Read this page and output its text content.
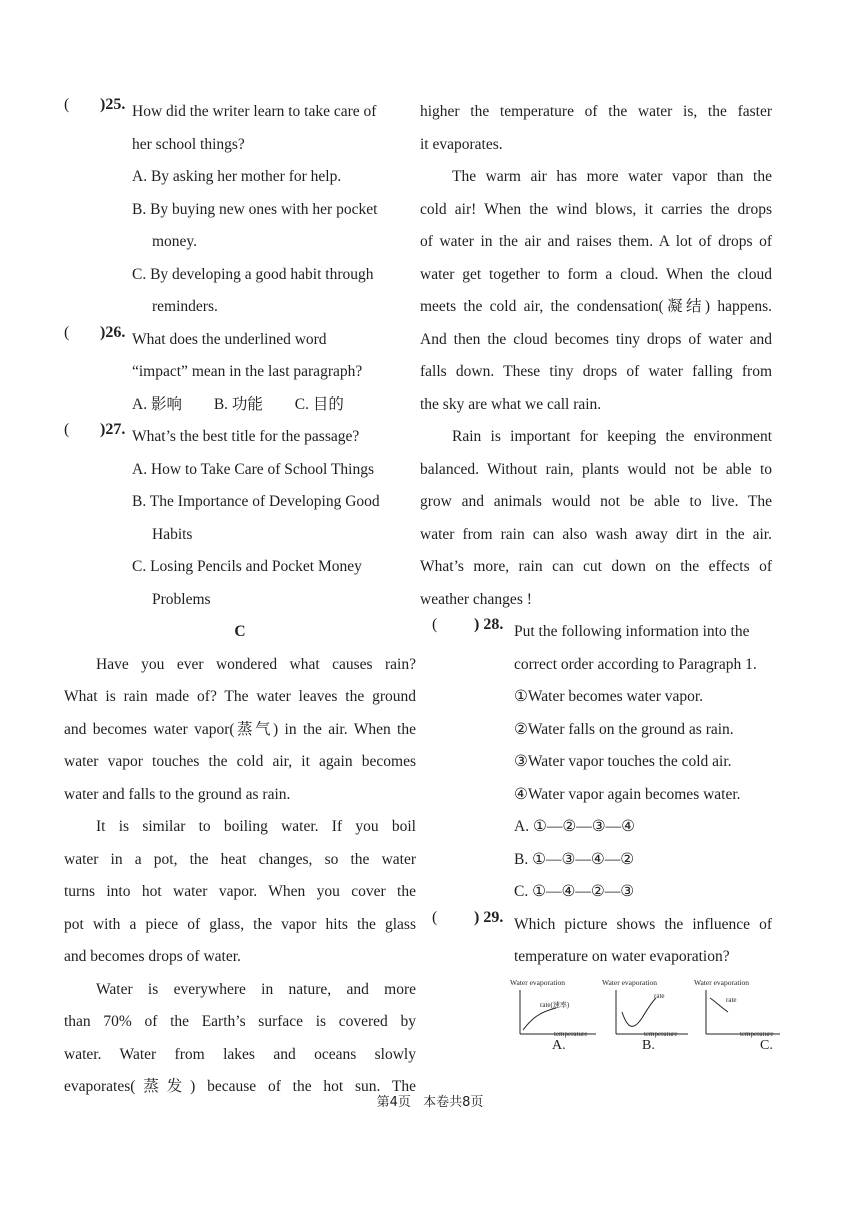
( )25. How did the writer learn to take care of
her school things?
A. By asking her mother for help.
B. By buying new ones with her pocket
money.
C. By developing a good habit through
reminders.
( )26. What does the underlined word
“impact” mean in the last paragraph?
A. 影响 B. 功能 C. 目的
( )27. What’s the best title for the passage?
A. How to Take Care of School Things
B. The Importance of Developing Good
Habits
C. Losing Pencils and Pocket Money
Problems
C
Have you ever wondered what causes rain?
What is rain made of? The water leaves the ground
and becomes water vapor(蒸气) in the air. When the
water vapor touches the cold air, it again becomes
water and falls to the ground as rain.
It is similar to boiling water. If you boil
water in a pot, the heat changes, so the water
turns into hot water vapor. When you cover the
pot with a piece of glass, the vapor hits the glass
and becomes drops of water.
Water is everywhere in nature, and more
than 70% of the Earth’s surface is covered by
water. Water from lakes and oceans slowly
evaporates(蒸发) because of the hot sun. The
higher the temperature of the water is, the faster
it evaporates.
The warm air has more water vapor than the
cold air! When the wind blows, it carries the drops
of water in the air and raises them. A lot of drops of
water get together to form a cloud. When the cloud
meets the cold air, the condensation(凝结) happens.
And then the cloud becomes tiny drops of water and
falls down. These tiny drops of water falling from
the sky are what we call rain.
Rain is important for keeping the environment
balanced. Without rain, plants would not be able to
grow and animals would not be able to live. The
water from rain can also wash away dirt in the air.
What’s more, rain can cut down on the effects of
weather changes !
( ) 28. Put the following information into the
correct order according to Paragraph 1.
①Water becomes water vapor.
②Water falls on the ground as rain.
③Water vapor touches the cold air.
④Water vapor again becomes water.
A. ①—②—③—④
B. ①—③—④—②
C. ①—④—②—③
( ) 29. Which picture shows the influence of
temperature on water evaporation?
Water evaporation
rate(速率)
temperature
A.
Water evaporation
rate
temperature
B.
Water evaporation
rate
temperature
C.
第4页 本卷共8页
